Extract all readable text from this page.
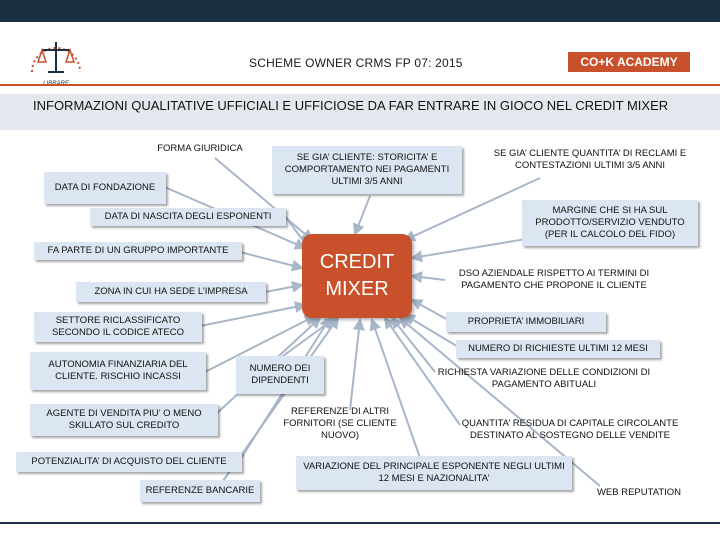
SCHEME OWNER CRMS FP 07: 2015	CO+K ACADEMY
INFORMAZIONI QUALITATIVE UFFICIALI E UFFICIOSE DA FAR ENTRARE IN GIOCO NEL CREDIT MIXER
CREDIT MIXER
FORMA GIURIDICA
DATA DI FONDAZIONE
DATA DI NASCITA DEGLI ESPONENTI
FA PARTE DI UN GRUPPO IMPORTANTE
ZONA IN CUI HA SEDE L’IMPRESA
SETTORE RICLASSIFICATO SECONDO IL CODICE ATECO
AUTONOMIA FINANZIARIA DEL CLIENTE. RISCHIO INCASSI
NUMERO DEI DIPENDENTI
AGENTE DI VENDITA PIU’ O MENO SKILLATO SUL CREDITO
POTENZIALITA’ DI ACQUISTO DEL CLIENTE
REFERENZE BANCARIE
SE GIA’ CLIENTE: STORICITA’ E COMPORTAMENTO NEI PAGAMENTI ULTIMI 3/5 ANNI
SE GIA’ CLIENTE QUANTITA’ DI RECLAMI E CONTESTAZIONI ULTIMI 3/5 ANNI
MARGINE CHE SI HA SUL PRODOTTO/SERVIZIO VENDUTO (PER IL CALCOLO DEL FIDO)
DSO AZIENDALE RISPETTO AI TERMINI DI PAGAMENTO CHE PROPONE IL CLIENTE
PROPRIETA’ IMMOBILIARI
NUMERO DI RICHIESTE ULTIMI 12 MESI
RICHIESTA VARIAZIONE DELLE CONDIZIONI DI PAGAMENTO ABITUALI
REFERENZE DI ALTRI FORNITORI (SE CLIENTE NUOVO)
QUANTITA’ RESIDUA DI CAPITALE CIRCOLANTE DESTINATO AL SOSTEGNO DELLE VENDITE
VARIAZIONE DEL PRINCIPALE ESPONENTE NEGLI ULTIMI 12 MESI E NAZIONALITA’
WEB REPUTATION
